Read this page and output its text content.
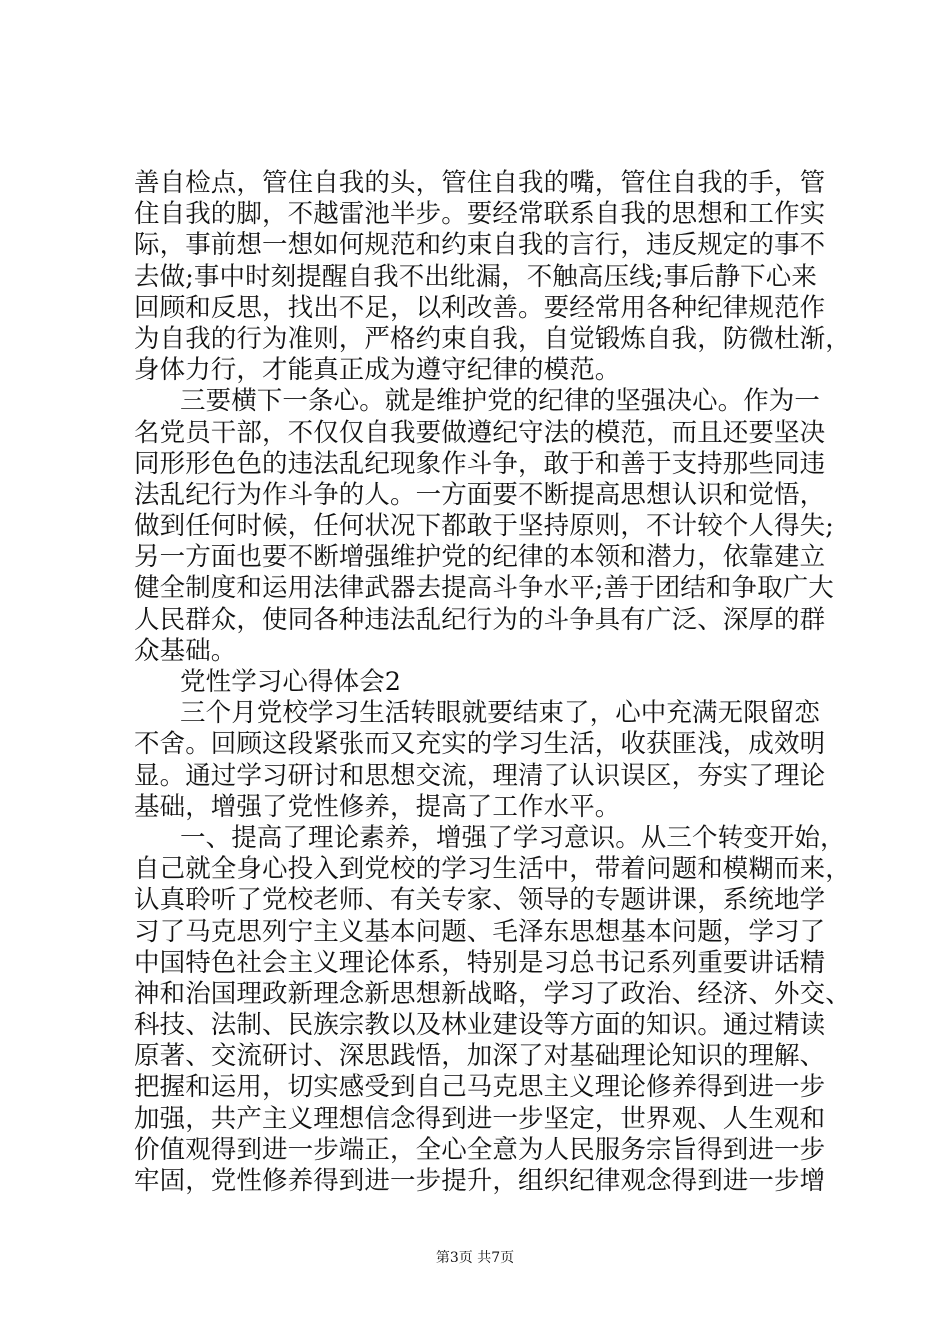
善自检点，管住自我的头，管住自我的嘴，管住自我的手，管
住自我的脚，不越雷池半步。要经常联系自我的思想和工作实
际，事前想一想如何规范和约束自我的言行，违反规定的事不
去做;事中时刻提醒自我不出纰漏，不触高压线;事后静下心来
回顾和反思，找出不足，以利改善。要经常用各种纪律规范作
为自我的行为准则，严格约束自我，自觉锻炼自我，防微杜渐，
身体力行，才能真正成为遵守纪律的模范。
三要横下一条心。就是维护党的纪律的坚强决心。作为一
名党员干部，不仅仅自我要做遵纪守法的模范，而且还要坚决
同形形色色的违法乱纪现象作斗争，敢于和善于支持那些同违
法乱纪行为作斗争的人。一方面要不断提高思想认识和觉悟，
做到任何时候，任何状况下都敢于坚持原则，不计较个人得失;
另一方面也要不断增强维护党的纪律的本领和潜力，依靠建立
健全制度和运用法律武器去提高斗争水平;善于团结和争取广大
人民群众，使同各种违法乱纪行为的斗争具有广泛、深厚的群
众基础。
党性学习心得体会2
三个月党校学习生活转眼就要结束了，心中充满无限留恋
不舍。回顾这段紧张而又充实的学习生活，收获匪浅，成效明
显。通过学习研讨和思想交流，理清了认识误区，夯实了理论
基础，增强了党性修养，提高了工作水平。
一、提高了理论素养，增强了学习意识。从三个转变开始，
自己就全身心投入到党校的学习生活中，带着问题和模糊而来，
认真聆听了党校老师、有关专家、领导的专题讲课，系统地学
习了马克思列宁主义基本问题、毛泽东思想基本问题，学习了
中国特色社会主义理论体系，特别是习总书记系列重要讲话精
神和治国理政新理念新思想新战略，学习了政治、经济、外交、
科技、法制、民族宗教以及林业建设等方面的知识。通过精读
原著、交流研讨、深思践悟，加深了对基础理论知识的理解、
把握和运用，切实感受到自己马克思主义理论修养得到进一步
加强，共产主义理想信念得到进一步坚定，世界观、人生观和
价值观得到进一步端正，全心全意为人民服务宗旨得到进一步
牢固，党性修养得到进一步提升，组织纪律观念得到进一步增
第3页 共7页
